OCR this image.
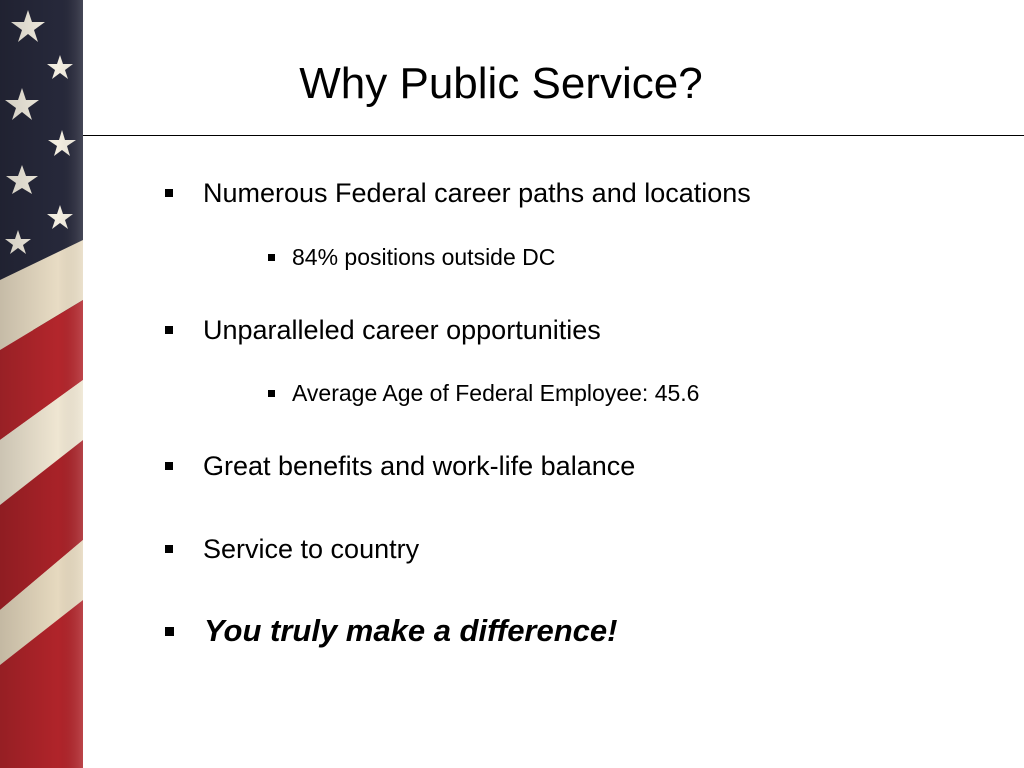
Why Public Service?
Numerous Federal career paths and locations
84% positions outside DC
Unparalleled career opportunities
Average Age of Federal Employee: 45.6
Great benefits and work-life balance
Service to country
You truly make a difference!
